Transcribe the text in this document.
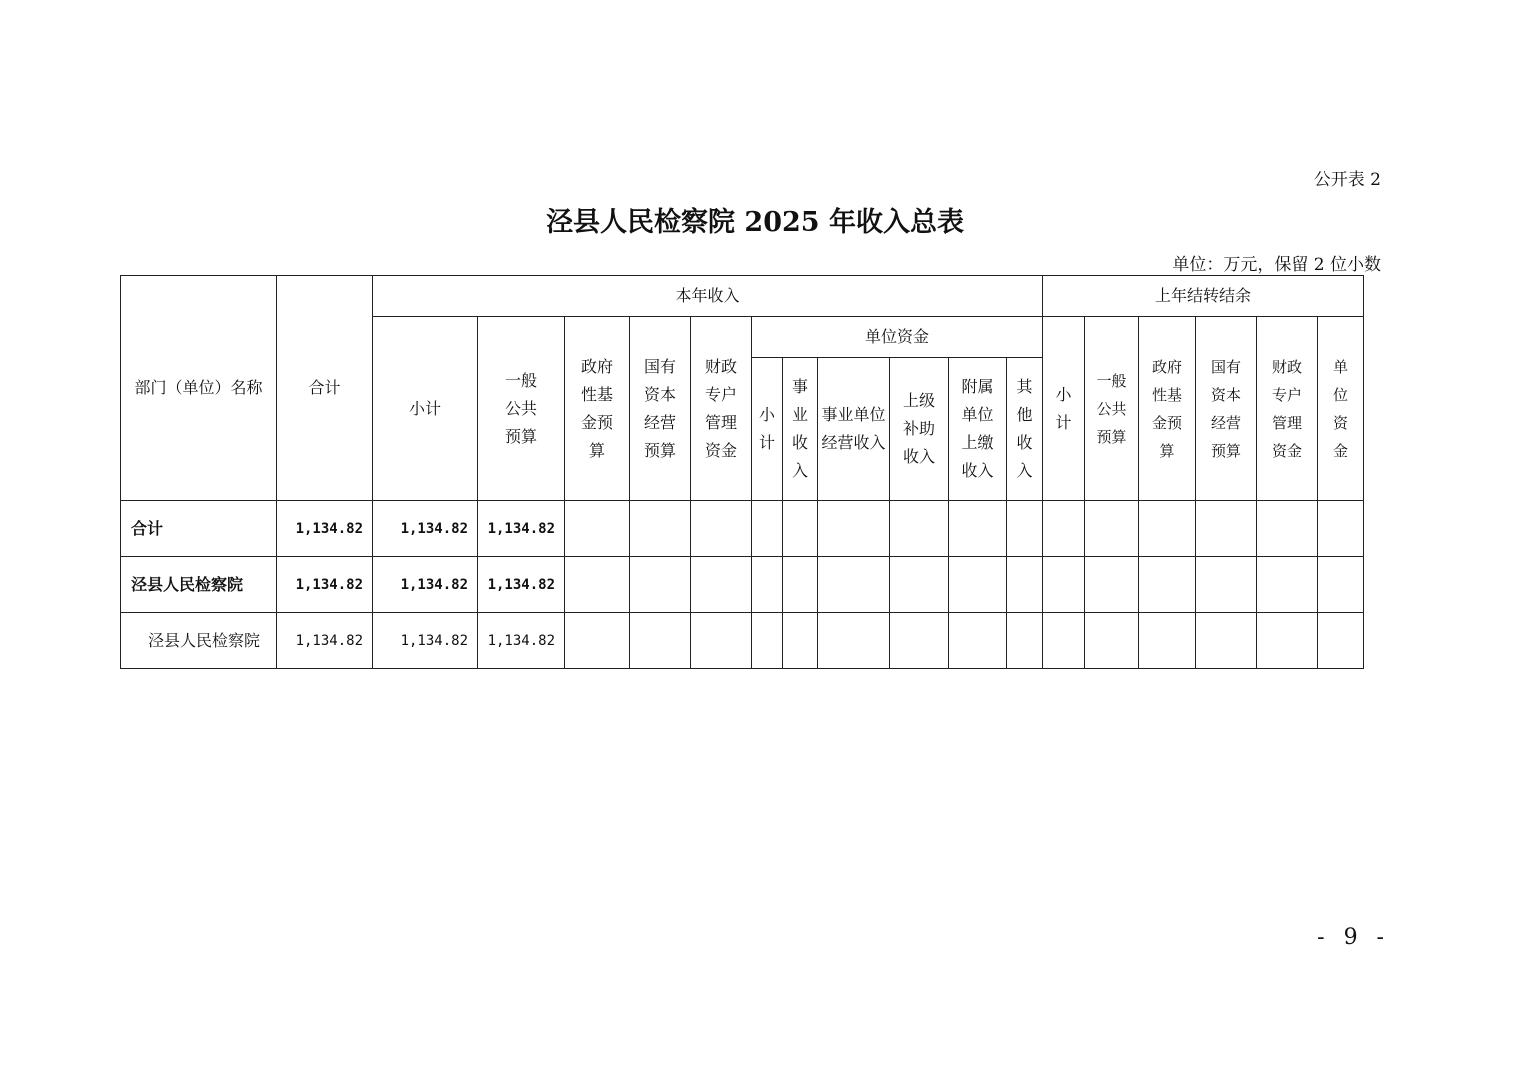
公开表 2
泾县人民检察院 2025 年收入总表
单位：万元，保留 2 位小数
部门（单位）名称	合计	本年收入											上年结转结余					
		小计	一般公共预算	政府性基金预算	国有资本经营预算	财政专户管理资金	单位资金						小计	一般公共预算	政府性基金预算	国有资本经营预算	财政专户管理资金	单位资金
							小计	事业收入	事业单位经营收入	上级补助收入	附属单位上缴收入	其他收入						
合计	1,134.82	1,134.82	1,134.82															
泾县人民检察院	1,134.82	1,134.82	1,134.82															
泾县人民检察院	1,134.82	1,134.82	1,134.82															
- 9 -
